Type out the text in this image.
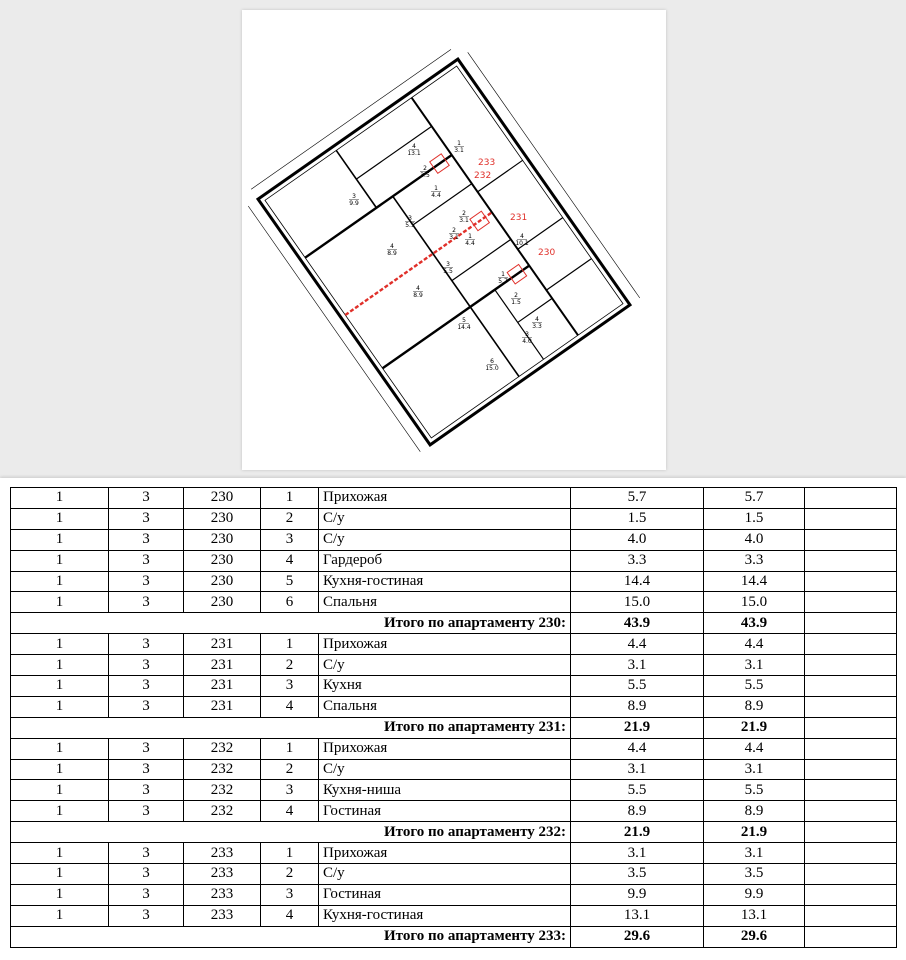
4
13.1
3
9.9
2
3.5
1
3.1
1
4.4
2
3.1
3
5.5
4
8.9
1
4.4
2
3.1
3
5.5
4
8.9
4
10.1
1
5.7
2
1.5
4
3.3
3
4.0
5
14.4
6
15.0
233
232
231
230
1	3	230	1	Прихожая	5.7	5.7	
1	3	230	2	С/у	1.5	1.5	
1	3	230	3	С/у	4.0	4.0	
1	3	230	4	Гардероб	3.3	3.3	
1	3	230	5	Кухня-гостиная	14.4	14.4	
1	3	230	6	Спальня	15.0	15.0	
Итого по апартаменту 230:					43.9	43.9	
1	3	231	1	Прихожая	4.4	4.4	
1	3	231	2	С/у	3.1	3.1	
1	3	231	3	Кухня	5.5	5.5	
1	3	231	4	Спальня	8.9	8.9	
Итого по апартаменту 231:					21.9	21.9	
1	3	232	1	Прихожая	4.4	4.4	
1	3	232	2	С/у	3.1	3.1	
1	3	232	3	Кухня-ниша	5.5	5.5	
1	3	232	4	Гостиная	8.9	8.9	
Итого по апартаменту 232:					21.9	21.9	
1	3	233	1	Прихожая	3.1	3.1	
1	3	233	2	С/у	3.5	3.5	
1	3	233	3	Гостиная	9.9	9.9	
1	3	233	4	Кухня-гостиная	13.1	13.1	
Итого по апартаменту 233:					29.6	29.6	
